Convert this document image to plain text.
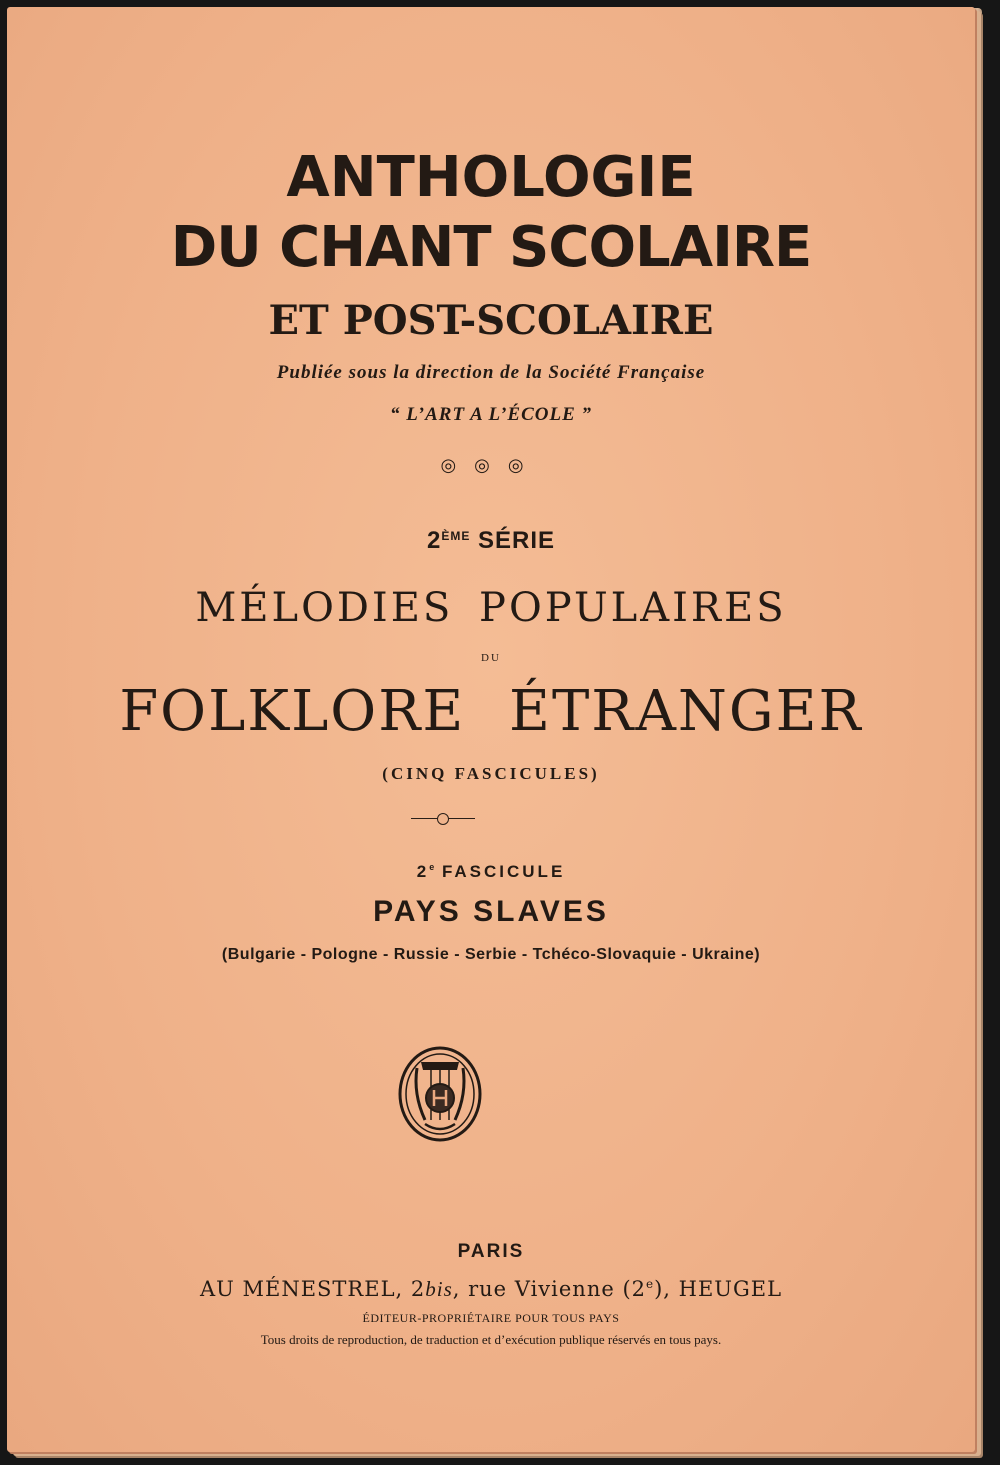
ANTHOLOGIE
DU CHANT SCOLAIRE
ET POST-SCOLAIRE
Publiée sous la direction de la Société Française
“ L’ART A L’ÉCOLE ”
◎◎◎
2ÈME SÉRIE
MÉLODIES POPULAIRES
DU
FOLKLORE ÉTRANGER
(CINQ FASCICULES)
2e FASCICULE
PAYS SLAVES
(Bulgarie - Pologne - Russie - Serbie - Tchéco-Slovaquie - Ukraine)
PARIS
AU MÉNESTREL, 2bis, rue Vivienne (2e), HEUGEL
ÉDITEUR-PROPRIÉTAIRE POUR TOUS PAYS
Tous droits de reproduction, de traduction et d’exécution publique réservés en tous pays.
